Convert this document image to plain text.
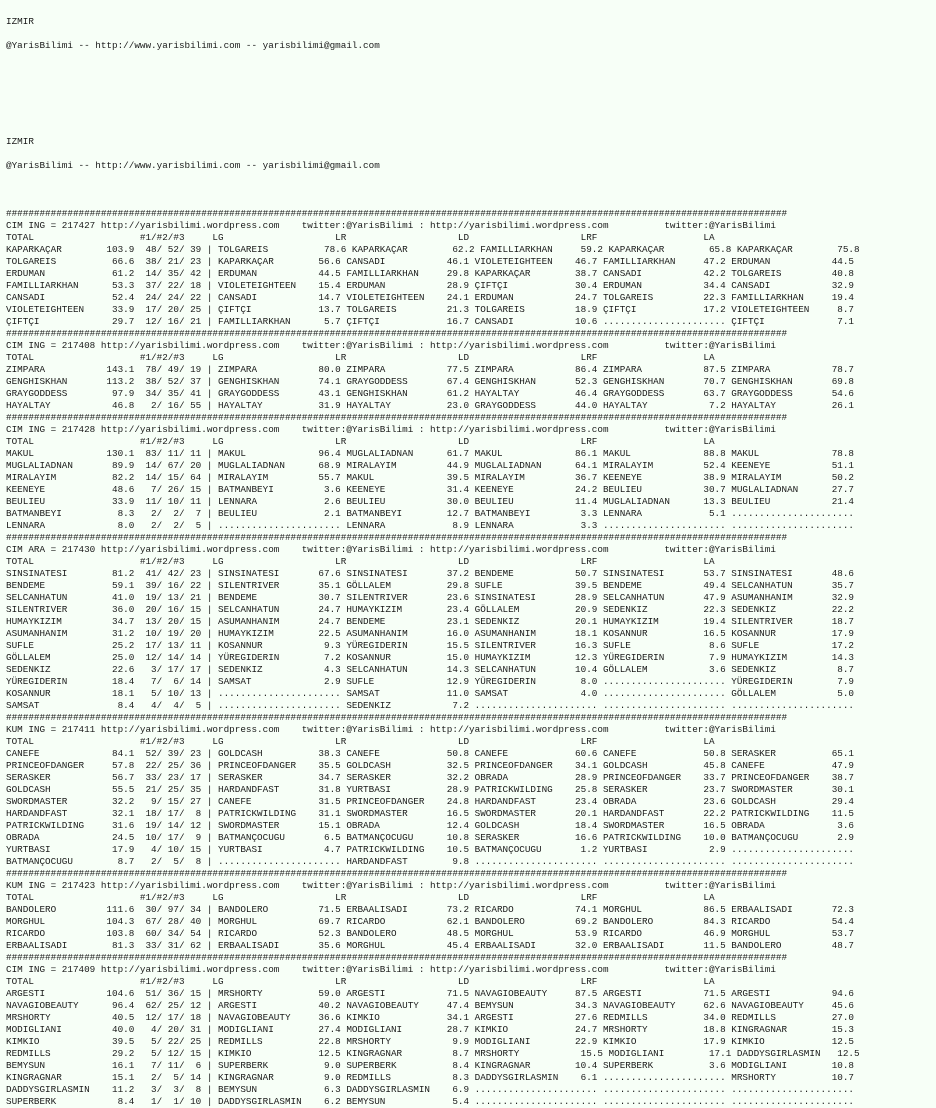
IZMIR

@YarisBilimi -- http://www.yarisbilimi.com -- yarisbilimi@gmail.com

IZMIR

@YarisBilimi -- http://www.yarisbilimi.com -- yarisbilimi@gmail.com

############################################################################################################################################
CIM ING = 217427 http://yarisbilimi.wordpress.com    twitter:@YarisBilimi : http://yarisbilimi.wordpress.com          twitter:@YarisBilimi
TOTAL                   #1/#2/#3     LG                    LR                    LD                    LRF                   LA
KAPARKAÇAR        103.9  48/ 52/ 39 | TOLGAREIS          78.6 KAPARKAÇAR        62.2 FAMILLIARKHAN     59.2 KAPARKAÇAR        65.8 KAPARKAÇAR        75.8
TOLGAREIS          66.6  38/ 21/ 23 | KAPARKAÇAR        56.6 CANSADI           46.1 VIOLETEIGHTEEN    46.7 FAMILLIARKHAN     47.2 ERDUMAN           44.5
ERDUMAN            61.2  14/ 35/ 42 | ERDUMAN           44.5 FAMILLIARKHAN     29.8 KAPARKAÇAR        38.7 CANSADI           42.2 TOLGAREIS         40.8
FAMILLIARKHAN      53.3  37/ 22/ 18 | VIOLETEIGHTEEN    15.4 ERDUMAN           28.9 ÇIFTÇI            30.4 ERDUMAN           34.4 CANSADI           32.9
CANSADI            52.4  24/ 24/ 22 | CANSADI           14.7 VIOLETEIGHTEEN    24.1 ERDUMAN           24.7 TOLGAREIS         22.3 FAMILLIARKHAN     19.4
VIOLETEIGHTEEN     33.9  17/ 20/ 25 | ÇIFTÇI            13.7 TOLGAREIS         21.3 TOLGAREIS         18.9 ÇIFTÇI            17.2 VIOLETEIGHTEEN     8.7
ÇIFTÇI             29.7  12/ 16/ 21 | FAMILLIARKHAN      5.7 ÇIFTÇI            16.7 CANSADI           10.6 ...................... ÇIFTÇI             7.1
############################################################################################################################################
CIM ING = 217408 http://yarisbilimi.wordpress.com    twitter:@YarisBilimi : http://yarisbilimi.wordpress.com          twitter:@YarisBilimi
TOTAL                   #1/#2/#3     LG                    LR                    LD                    LRF                   LA
ZIMPARA           143.1  78/ 49/ 19 | ZIMPARA           80.0 ZIMPARA           77.5 ZIMPARA           86.4 ZIMPARA           87.5 ZIMPARA           78.7
GENGHISKHAN       113.2  38/ 52/ 37 | GENGHISKHAN       74.1 GRAYGODDESS       67.4 GENGHISKHAN       52.3 GENGHISKHAN       70.7 GENGHISKHAN       69.8
GRAYGODDESS        97.9  34/ 35/ 41 | GRAYGODDESS       43.1 GENGHISKHAN       61.2 HAYALTAY          46.4 GRAYGODDESS       63.7 GRAYGODDESS       54.6
HAYALTAY           46.8   2/ 16/ 55 | HAYALTAY          31.9 HAYALTAY          23.0 GRAYGODDESS       44.0 HAYALTAY           7.2 HAYALTAY          26.1
############################################################################################################################################
CIM ING = 217428 http://yarisbilimi.wordpress.com    twitter:@YarisBilimi : http://yarisbilimi.wordpress.com          twitter:@YarisBilimi
TOTAL                   #1/#2/#3     LG                    LR                    LD                    LRF                   LA
MAKUL             130.1  83/ 11/ 11 | MAKUL             96.4 MUGLALIADNAN      61.7 MAKUL             86.1 MAKUL             88.8 MAKUL             78.8
MUGLALIADNAN       89.9  14/ 67/ 20 | MUGLALIADNAN      68.9 MIRALAYIM         44.9 MUGLALIADNAN      64.1 MIRALAYIM         52.4 KEENEYE           51.1
MIRALAYIM          82.2  14/ 15/ 64 | MIRALAYIM         55.7 MAKUL             39.5 MIRALAYIM         36.7 KEENEYE           38.9 MIRALAYIM         50.2
KEENEYE            48.6   7/ 26/ 15 | BATMANBEYI         3.6 KEENEYE           31.4 KEENEYE           24.2 BEULIEU           30.7 MUGLALIADNAN      27.7
BEULIEU            33.9  11/ 10/ 11 | LENNARA            2.6 BEULIEU           30.0 BEULIEU           11.4 MUGLALIADNAN      13.3 BEULIEU           21.4
BATMANBEYI          8.3   2/  2/  7 | BEULIEU            2.1 BATMANBEYI        12.7 BATMANBEYI         3.3 LENNARA            5.1 ......................
LENNARA             8.0   2/  2/  5 | ...................... LENNARA            8.9 LENNARA            3.3 ...................... ......................
############################################################################################################################################
CIM ARA = 217430 http://yarisbilimi.wordpress.com    twitter:@YarisBilimi : http://yarisbilimi.wordpress.com          twitter:@YarisBilimi
TOTAL                   #1/#2/#3     LG                    LR                    LD                    LRF                   LA
SINSINATESI        81.2  41/ 42/ 23 | SINSINATESI       67.6 SINSINATESI       37.2 BENDEME           50.7 SINSINATESI       53.7 SINSINATESI       48.6
BENDEME            59.1  39/ 16/ 22 | SILENTRIVER       35.1 GÖLLALEM          29.8 SUFLE             39.5 BENDEME           49.4 SELCANHATUN       35.7
SELCANHATUN        41.0  19/ 13/ 21 | BENDEME           30.7 SILENTRIVER       23.6 SINSINATESI       28.9 SELCANHATUN       47.9 ASUMANHANIM       32.9
SILENTRIVER        36.0  20/ 16/ 15 | SELCANHATUN       24.7 HUMAYKIZIM        23.4 GÖLLALEM          20.9 SEDENKIZ          22.3 SEDENKIZ          22.2
HUMAYKIZIM         34.7  13/ 20/ 15 | ASUMANHANIM       24.7 BENDEME           23.1 SEDENKIZ          20.1 HUMAYKIZIM        19.4 SILENTRIVER       18.7
ASUMANHANIM        31.2  10/ 19/ 20 | HUMAYKIZIM        22.5 ASUMANHANIM       16.0 ASUMANHANIM       18.1 KOSANNUR          16.5 KOSANNUR          17.9
SUFLE              25.2  17/ 13/ 11 | KOSANNUR           9.3 YÜREGIDERIN       15.5 SILENTRIVER       16.3 SUFLE              8.6 SUFLE             17.2
GÖLLALEM           25.0  12/ 14/ 14 | YÜREGIDERIN        7.2 KOSANNUR          15.0 HUMAYKIZIM        12.3 YÜREGIDERIN        7.9 HUMAYKIZIM        14.3
SEDENKIZ           22.6   3/ 17/ 17 | SEDENKIZ           4.3 SELCANHATUN       14.3 SELCANHATUN       10.4 GÖLLALEM           3.6 SEDENKIZ           8.7
YÜREGIDERIN        18.4   7/  6/ 14 | SAMSAT             2.9 SUFLE             12.9 YÜREGIDERIN        8.0 ...................... YÜREGIDERIN        7.9
KOSANNUR           18.1   5/ 10/ 13 | ...................... SAMSAT            11.0 SAMSAT             4.0 ...................... GÖLLALEM           5.0
SAMSAT              8.4   4/  4/  5 | ...................... SEDENKIZ           7.2 ...................... ...................... ......................
############################################################################################################################################
KUM ING = 217411 http://yarisbilimi.wordpress.com    twitter:@YarisBilimi : http://yarisbilimi.wordpress.com          twitter:@YarisBilimi
TOTAL                   #1/#2/#3     LG                    LR                    LD                    LRF                   LA
CANEFE             84.1  52/ 39/ 23 | GOLDCASH          38.3 CANEFE            50.8 CANEFE            60.6 CANEFE            50.8 SERASKER          65.1
PRINCEOFDANGER     57.8  22/ 25/ 36 | PRINCEOFDANGER    35.5 GOLDCASH          32.5 PRINCEOFDANGER    34.1 GOLDCASH          45.8 CANEFE            47.9
SERASKER           56.7  33/ 23/ 17 | SERASKER          34.7 SERASKER          32.2 OBRADA            28.9 PRINCEOFDANGER    33.7 PRINCEOFDANGER    38.7
GOLDCASH           55.5  21/ 25/ 35 | HARDANDFAST       31.8 YURTBASI          28.9 PATRICKWILDING    25.8 SERASKER          23.7 SWORDMASTER       30.1
SWORDMASTER        32.2   9/ 15/ 27 | CANEFE            31.5 PRINCEOFDANGER    24.8 HARDANDFAST       23.4 OBRADA            23.6 GOLDCASH          29.4
HARDANDFAST        32.1  18/ 17/  8 | PATRICKWILDING    31.1 SWORDMASTER       16.5 SWORDMASTER       20.1 HARDANDFAST       22.2 PATRICKWILDING    11.5
PATRICKWILDING     31.6  19/ 14/ 12 | SWORDMASTER       15.1 OBRADA            12.4 GOLDCASH          18.4 SWORDMASTER       16.5 OBRADA             3.6
OBRADA             24.5  10/ 17/  9 | BATMANÇOCUGU       6.5 BATMANÇOCUGU      10.8 SERASKER          16.6 PATRICKWILDING    10.0 BATMANÇOCUGU       2.9
YURTBASI           17.9   4/ 10/ 15 | YURTBASI           4.7 PATRICKWILDING    10.5 BATMANÇOCUGU       1.2 YURTBASI           2.9 ......................
BATMANÇOCUGU        8.7   2/  5/  8 | ...................... HARDANDFAST        9.8 ...................... ...................... ......................
############################################################################################################################################
KUM ING = 217423 http://yarisbilimi.wordpress.com    twitter:@YarisBilimi : http://yarisbilimi.wordpress.com          twitter:@YarisBilimi
TOTAL                   #1/#2/#3     LG                    LR                    LD                    LRF                   LA
BANDOLERO         111.6  30/ 97/ 34 | BANDOLERO         71.5 ERBAALISADI       73.2 RICARDO           74.1 MORGHUL           86.5 ERBAALISADI       72.3
MORGHUL           104.3  67/ 28/ 40 | MORGHUL           69.7 RICARDO           62.1 BANDOLERO         69.2 BANDOLERO         84.3 RICARDO           54.4
RICARDO           103.8  60/ 34/ 54 | RICARDO           52.3 BANDOLERO         48.5 MORGHUL           53.9 RICARDO           46.9 MORGHUL           53.7
ERBAALISADI        81.3  33/ 31/ 62 | ERBAALISADI       35.6 MORGHUL           45.4 ERBAALISADI       32.0 ERBAALISADI       11.5 BANDOLERO         48.7
############################################################################################################################################
CIM ING = 217409 http://yarisbilimi.wordpress.com    twitter:@YarisBilimi : http://yarisbilimi.wordpress.com          twitter:@YarisBilimi
TOTAL                   #1/#2/#3     LG                    LR                    LD                    LRF                   LA
ARGESTI           104.6  51/ 36/ 15 | MRSHORTY          59.0 ARGESTI           71.5 NAVAGIOBEAUTY     87.5 ARGESTI           71.5 ARGESTI           94.6
NAVAGIOBEAUTY      96.4  62/ 25/ 12 | ARGESTI           40.2 NAVAGIOBEAUTY     47.4 BEMYSUN           34.3 NAVAGIOBEAUTY     62.6 NAVAGIOBEAUTY     45.6
MRSHORTY           40.5  12/ 17/ 18 | NAVAGIOBEAUTY     36.6 KIMKIO            34.1 ARGESTI           27.6 REDMILLS          34.0 REDMILLS          27.0
MODIGLIANI         40.0   4/ 20/ 31 | MODIGLIANI        27.4 MODIGLIANI        28.7 KIMKIO            24.7 MRSHORTY          18.8 KINGRAGNAR        15.3
KIMKIO             39.5   5/ 22/ 25 | REDMILLS          22.8 MRSHORTY           9.9 MODIGLIANI        22.9 KIMKIO            17.9 KIMKIO            12.5
REDMILLS           29.2   5/ 12/ 15 | KIMKIO            12.5 KINGRAGNAR         8.7 MRSHORTY           15.5 MODIGLIANI        17.1 DADDYSGIRLASMIN   12.5
BEMYSUN            16.1   7/ 11/  6 | SUPERBERK          9.0 SUPERBERK          8.4 KINGRAGNAR        10.4 SUPERBERK          3.6 MODIGLIANI        10.8
KINGRAGNAR         15.1   2/  5/ 14 | KINGRAGNAR         9.0 REDMILLS           8.3 DADDYSGIRLASMIN    6.1 ...................... MRSHORTY          10.7
DADDYSGIRLASMIN    11.2   3/  3/  8 | BEMYSUN            6.3 DADDYSGIRLASMIN    6.9 ...................... ...................... ......................
SUPERBERK           8.4   1/  1/ 10 | DADDYSGIRLASMIN    6.2 BEMYSUN            5.4 ...................... ...................... ......................
